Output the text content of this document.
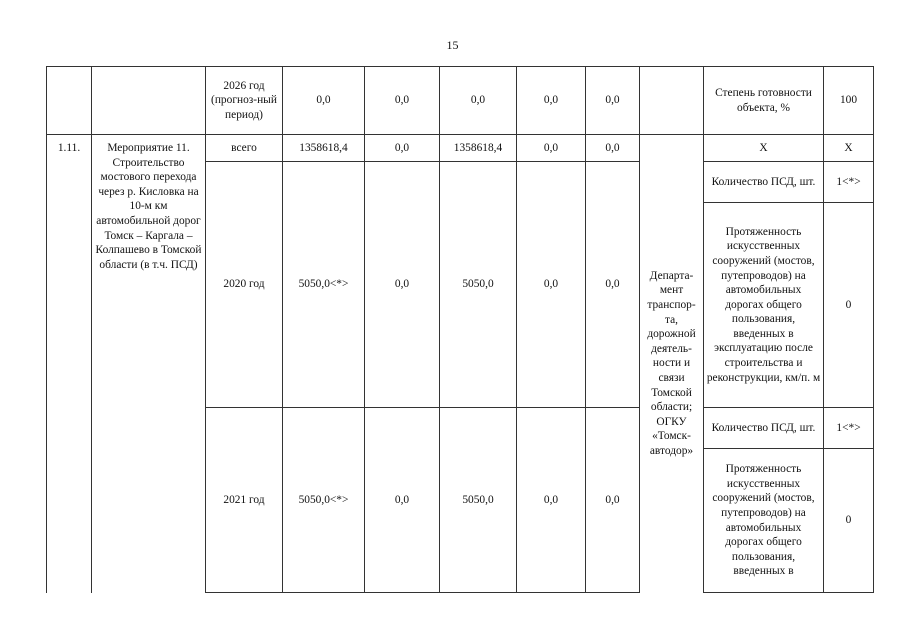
15
		2026 год (прогноз-ный период)	0,0	0,0	0,0	0,0	0,0		Степень готовности объекта, %	100
1.11.	Мероприятие 11. Строительство мостового перехода через р. Кисловка на 10-м км автомобильной дорог Томск – Каргала – Колпашево в Томской области (в т.ч. ПСД)	всего	1358618,4	0,0	1358618,4	0,0	0,0	Департа-мент транспор-та, дорожной деятель-ности и связи Томской области; ОГКУ «Томск-автодор»	Х	Х
		2020 год	5050,0<*>	0,0	5050,0	0,0	0,0		Количество ПСД, шт.	1<*>
									Протяженность искусственных сооружений (мостов, путепроводов) на автомобильных дорогах общего пользования, введенных в эксплуатацию после строительства и реконструкции, км/п. м	0
		2021 год	5050,0<*>	0,0	5050,0	0,0	0,0		Количество ПСД, шт.	1<*>
									Протяженность искусственных сооружений (мостов, путепроводов) на автомобильных дорогах общего пользования, введенных в	0
